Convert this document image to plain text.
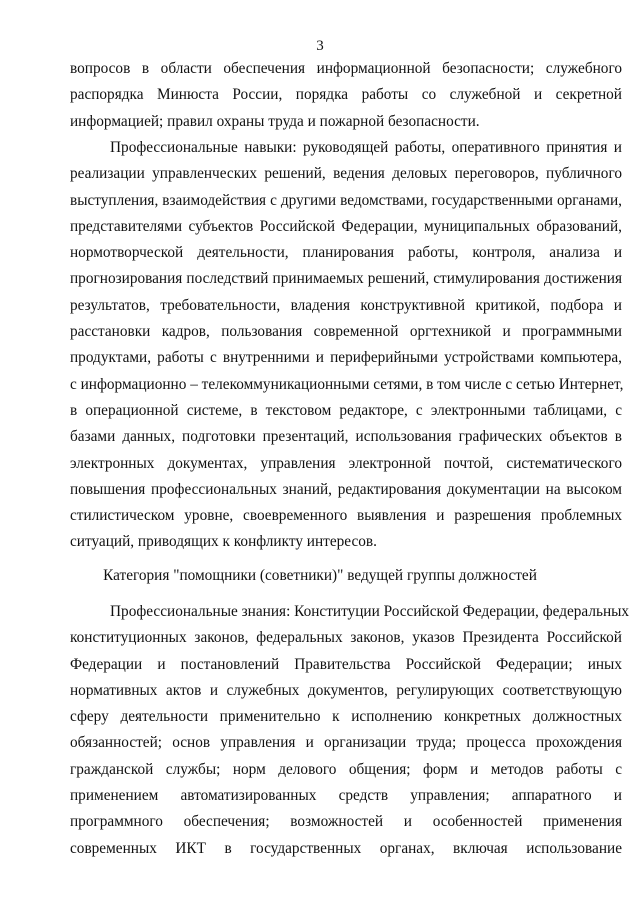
3
вопросов в области обеспечения информационной безопасности; служебного
распорядка Минюста России, порядка работы со служебной и секретной
информацией; правил охраны труда и пожарной безопасности.
Профессиональные навыки: руководящей работы, оперативного принятия и
реализации управленческих решений, ведения деловых переговоров, публичного
выступления, взаимодействия с другими ведомствами, государственными органами,
представителями субъектов Российской Федерации, муниципальных образований,
нормотворческой деятельности, планирования работы, контроля, анализа и
прогнозирования последствий принимаемых решений, стимулирования достижения
результатов, требовательности, владения конструктивной критикой, подбора и
расстановки кадров, пользования современной оргтехникой и программными
продуктами, работы с внутренними и периферийными устройствами компьютера,
с информационно – телекоммуникационными сетями, в том числе с сетью Интернет,
в операционной системе, в текстовом редакторе, с электронными таблицами, с
базами данных, подготовки презентаций, использования графических объектов в
электронных документах, управления электронной почтой, систематического
повышения профессиональных знаний, редактирования документации на высоком
стилистическом уровне, своевременного выявления и разрешения проблемных
ситуаций, приводящих к конфликту интересов.
Категория "помощники (советники)" ведущей группы должностей
Профессиональные знания: Конституции Российской Федерации, федеральных
конституционных законов, федеральных законов, указов Президента Российской
Федерации и постановлений Правительства Российской Федерации; иных
нормативных актов и служебных документов, регулирующих соответствующую
сферу деятельности применительно к исполнению конкретных должностных
обязанностей; основ управления и организации труда; процесса прохождения
гражданской службы; норм делового общения; форм и методов работы с
применением автоматизированных средств управления; аппаратного и
программного обеспечения; возможностей и особенностей применения
современных ИКТ в государственных органах, включая использование
